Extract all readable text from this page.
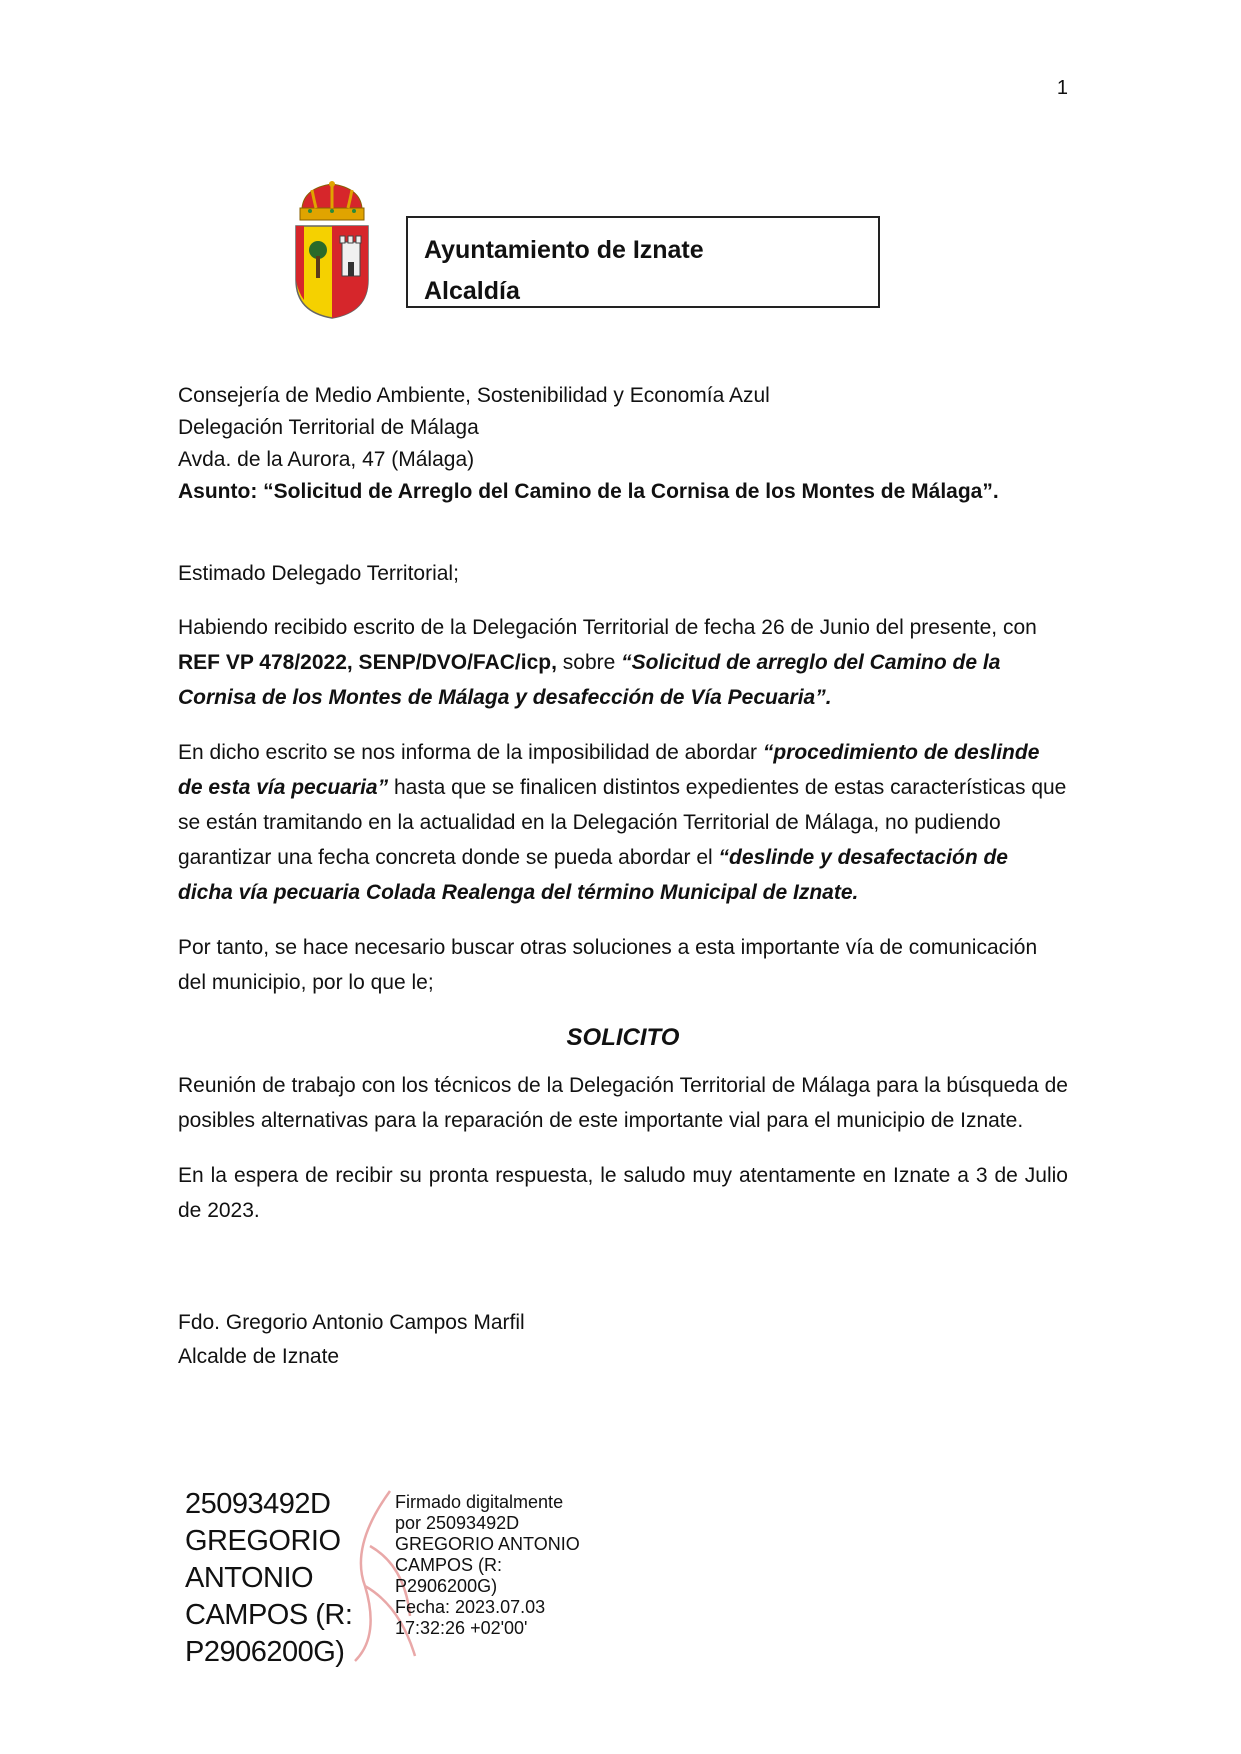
1
Ayuntamiento de Iznate
Alcaldía
Consejería de Medio Ambiente, Sostenibilidad y Economía Azul
Delegación Territorial de Málaga
Avda. de la Aurora, 47 (Málaga)
Asunto: “Solicitud de Arreglo del Camino de la Cornisa de los Montes de Málaga”.
Estimado Delegado Territorial;

Habiendo recibido escrito de la Delegación Territorial de fecha 26 de Junio del presente, con REF VP 478/2022, SENP/DVO/FAC/icp, sobre “Solicitud de arreglo del Camino de la Cornisa de los Montes de Málaga y desafección de Vía Pecuaria”.

En dicho escrito se nos informa de la imposibilidad de abordar “procedimiento de deslinde de esta vía pecuaria” hasta que se finalicen distintos expedientes de estas características que se están tramitando en la actualidad en la Delegación Territorial de Málaga, no pudiendo garantizar una fecha concreta donde se pueda abordar el “deslinde y desafectación de dicha vía pecuaria Colada Realenga del término Municipal de Iznate.

Por tanto, se hace necesario buscar otras soluciones a esta importante vía de comunicación del municipio, por lo que le;

SOLICITO

Reunión de trabajo con los técnicos de la Delegación Territorial de Málaga para la búsqueda de posibles alternativas para la reparación de este importante vial para el municipio de Iznate.

En la espera de recibir su pronta respuesta, le saludo muy atentamente en Iznate a 3 de Julio de 2023.

Fdo. Gregorio Antonio Campos Marfil
Alcalde de Iznate
25093492D
GREGORIO
ANTONIO
CAMPOS (R:
P2906200G)
Firmado digitalmente
por 25093492D
GREGORIO ANTONIO
CAMPOS (R:
P2906200G)
Fecha: 2023.07.03
17:32:26 +02'00'
